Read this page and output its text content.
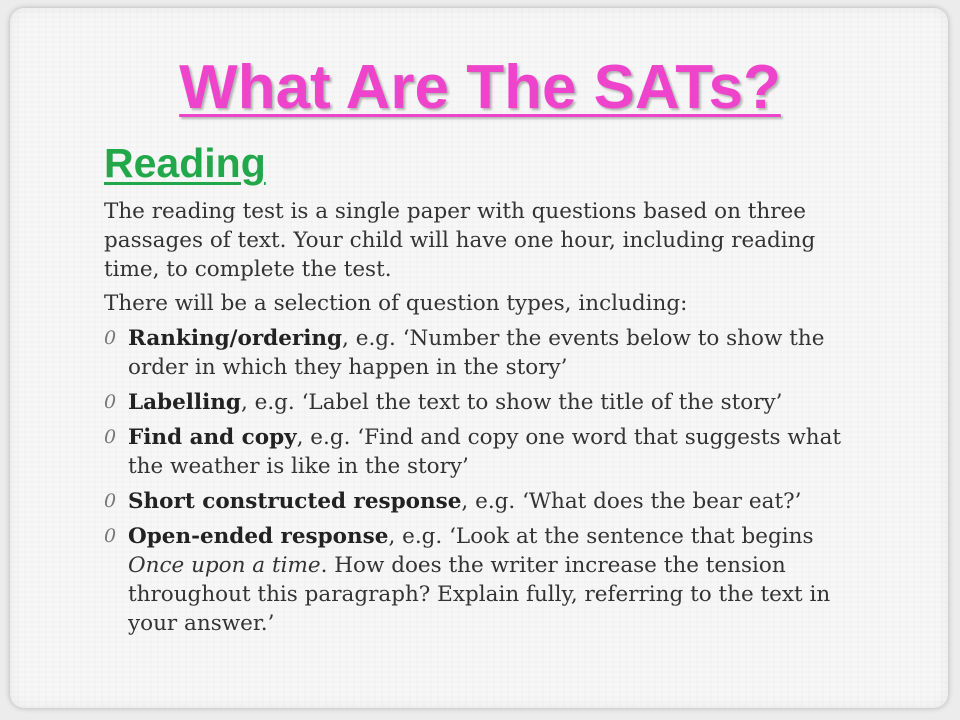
What Are The SATs?
Reading
The reading test is a single paper with questions based on three passages of text. Your child will have one hour, including reading time, to complete the test.
There will be a selection of question types, including:
0 Ranking/ordering, e.g. ‘Number the events below to show the order in which they happen in the story’
0 Labelling, e.g. ‘Label the text to show the title of the story’
0 Find and copy, e.g. ‘Find and copy one word that suggests what the weather is like in the story’
0 Short constructed response, e.g. ‘What does the bear eat?’
0 Open-ended response, e.g. ‘Look at the sentence that begins Once upon a time. How does the writer increase the tension throughout this paragraph? Explain fully, referring to the text in your answer.’
